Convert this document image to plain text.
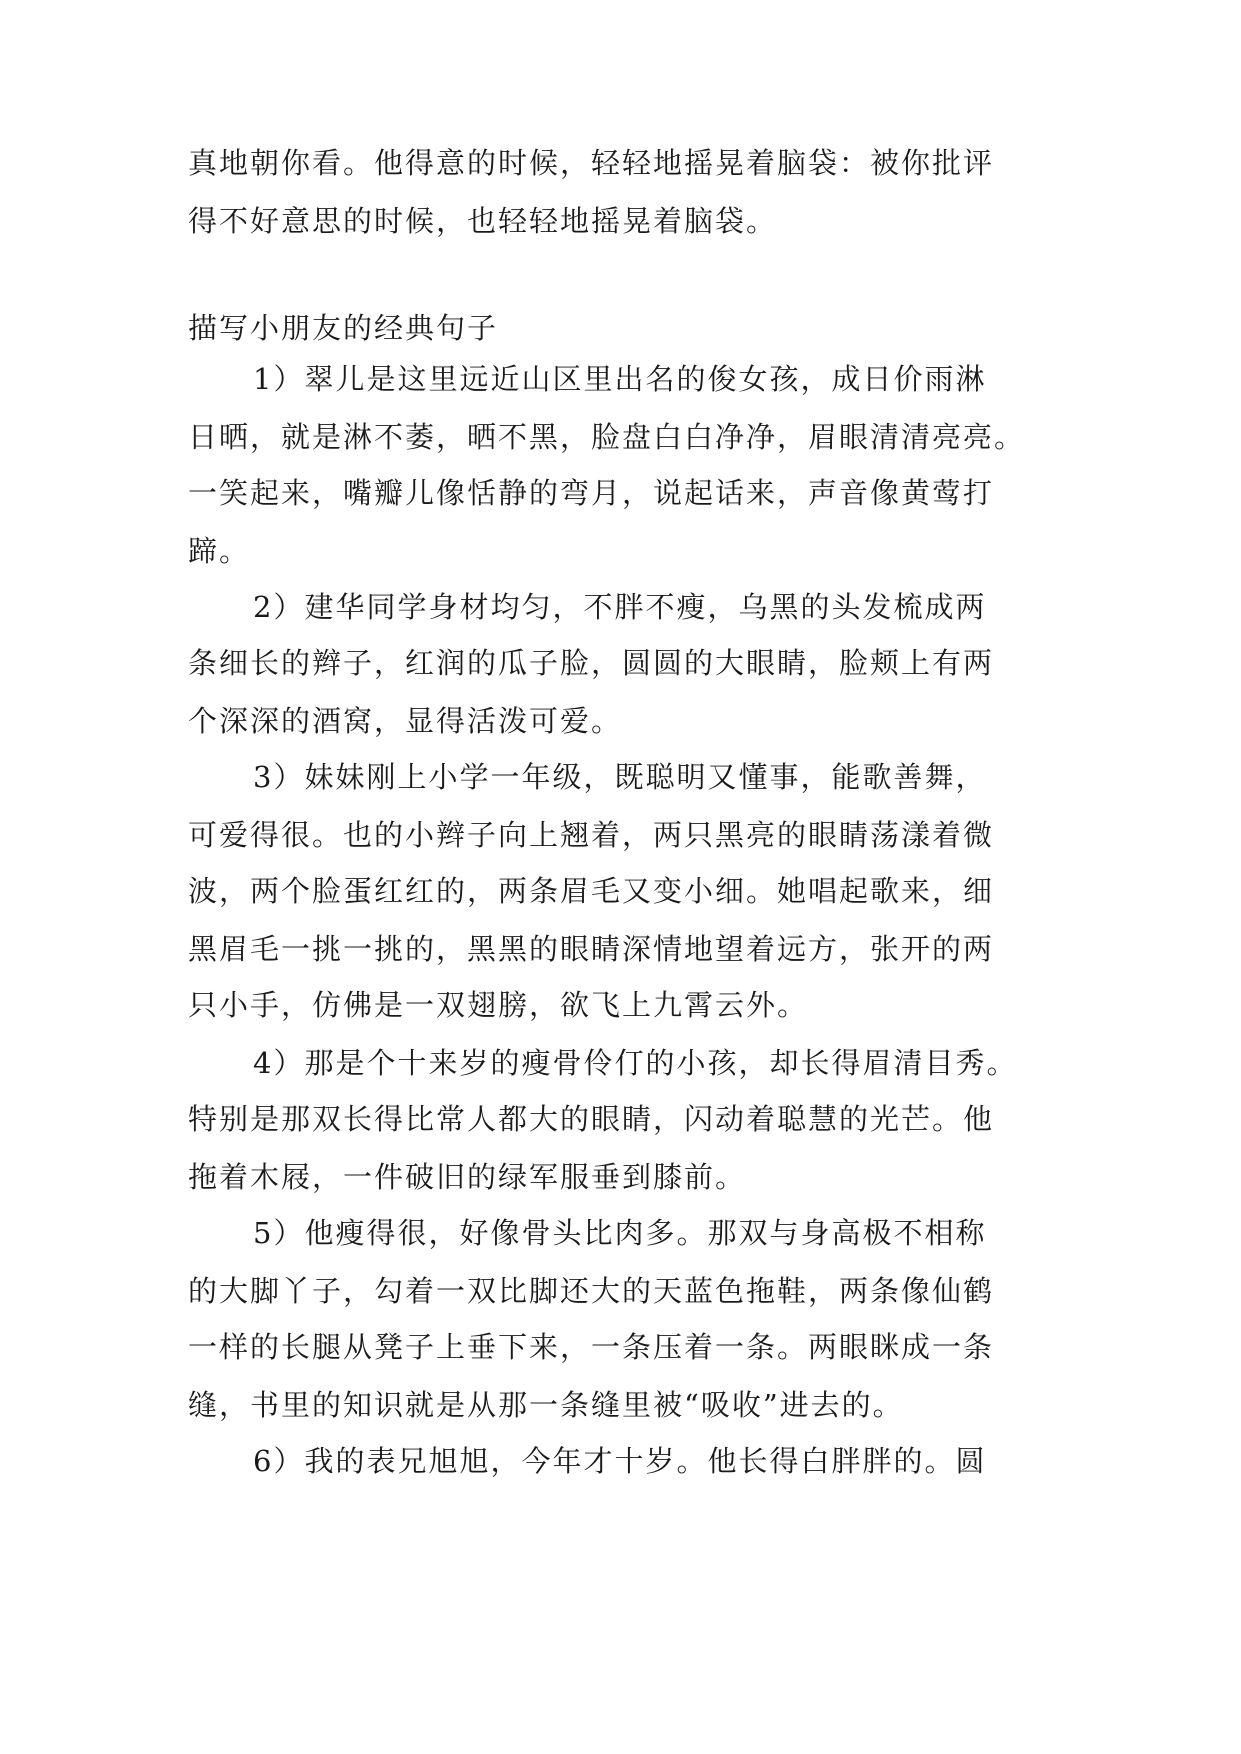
真地朝你看。他得意的时候，轻轻地摇晃着脑袋：被你批评
得不好意思的时候，也轻轻地摇晃着脑袋。
描写小朋友的经典句子
1）翠儿是这里远近山区里出名的俊女孩，成日价雨淋
日晒，就是淋不萎，晒不黑，脸盘白白净净，眉眼清清亮亮。
一笑起来，嘴瓣儿像恬静的弯月，说起话来，声音像黄莺打
蹄。
2）建华同学身材均匀，不胖不瘦，乌黑的头发梳成两
条细长的辫子，红润的瓜子脸，圆圆的大眼睛，脸颊上有两
个深深的酒窝，显得活泼可爱。
3）妹妹刚上小学一年级，既聪明又懂事，能歌善舞，
可爱得很。也的小辫子向上翘着，两只黑亮的眼睛荡漾着微
波，两个脸蛋红红的，两条眉毛又变小细。她唱起歌来，细
黑眉毛一挑一挑的，黑黑的眼睛深情地望着远方，张开的两
只小手，仿佛是一双翅膀，欲飞上九霄云外。
4）那是个十来岁的瘦骨伶仃的小孩，却长得眉清目秀。
特别是那双长得比常人都大的眼睛，闪动着聪慧的光芒。他
拖着木屐，一件破旧的绿军服垂到膝前。
5）他瘦得很，好像骨头比肉多。那双与身高极不相称
的大脚丫子，勾着一双比脚还大的天蓝色拖鞋，两条像仙鹤
一样的长腿从凳子上垂下来，一条压着一条。两眼眯成一条
缝，书里的知识就是从那一条缝里被“吸收”进去的。
6）我的表兄旭旭，今年才十岁。他长得白胖胖的。圆
